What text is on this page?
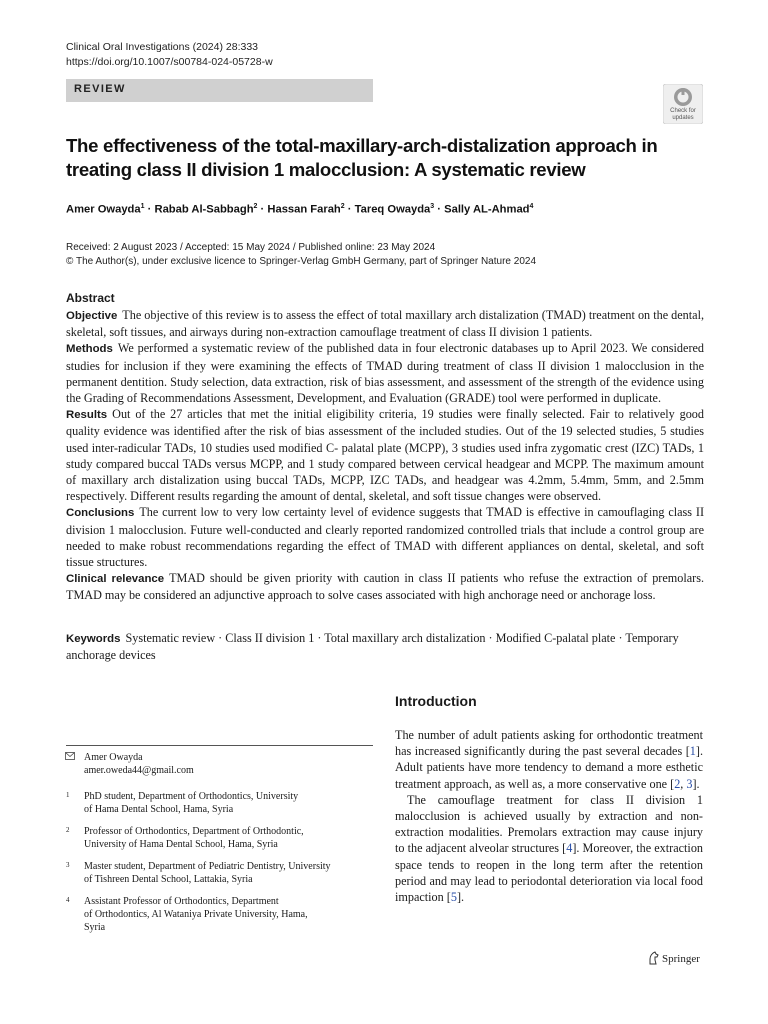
Clinical Oral Investigations (2024) 28:333
https://doi.org/10.1007/s00784-024-05728-w
REVIEW
Check for
updates
The effectiveness of the total-maxillary-arch-distalization approach in treating class II division 1 malocclusion: A systematic review
Amer Owayda$^1$ · Rabab Al-Sabbagh$^2$ · Hassan Farah$^2$ · Tareq Owayda$^3$ · Sally AL-Ahmad$^4$
Received: 2 August 2023 / Accepted: 15 May 2024 / Published online: 23 May 2024
© The Author(s), under exclusive licence to Springer-Verlag GmbH Germany, part of Springer Nature 2024
Abstract

Objective The objective of this review is to assess the effect of total maxillary arch distalization (TMAD) treatment on the dental, skeletal, soft tissues, and airways during non-extraction camouflage treatment of class II division 1 patients.

Methods We performed a systematic review of the published data in four electronic databases up to April 2023. We considered studies for inclusion if they were examining the effects of TMAD during treatment of class II division 1 malocclusion in the permanent dentition. Study selection, data extraction, risk of bias assessment, and assessment of the strength of the evidence using the Grading of Recommendations Assessment, Development, and Evaluation (GRADE) tool were performed in duplicate.

Results Out of the 27 articles that met the initial eligibility criteria, 19 studies were finally selected. Fair to relatively good quality evidence was identified after the risk of bias assessment of the included studies. Out of the 19 selected studies, 5 studies used inter-radicular TADs, 10 studies used modified C- palatal plate (MCPP), 3 studies used infra zygomatic crest (IZC) TADs, 1 study compared buccal TADs versus MCPP, and 1 study compared between cervical headgear and MCPP. The maximum amount of maxillary arch distalization using buccal TADs, MCPP, IZC TADs, and headgear was 4.2mm, 5.4mm, 5mm, and 2.5mm respectively. Different results regarding the amount of dental, skeletal, and soft tissue changes were observed.

Conclusions The current low to very low certainty level of evidence suggests that TMAD is effective in camouflaging class II division 1 malocclusion. Future well-conducted and clearly reported randomized controlled trials that include a control group are needed to make robust recommendations regarding the effect of TMAD with different appliances on dental, skeletal, and soft tissue structures.

Clinical relevance TMAD should be given priority with caution in class II patients who refuse the extraction of premolars. TMAD may be considered an adjunctive approach to solve cases associated with high anchorage need or anchorage loss.

Keywords Systematic review · Class II division 1 · Total maxillary arch distalization · Modified C-palatal plate · Temporary anchorage devices
Introduction

The number of adult patients asking for orthodontic treatment has increased significantly during the past several decades [1]. Adult patients have more tendency to demand a more esthetic treatment approach, as well as, a more conservative one [2, 3].

The camouflage treatment for class II division 1 malocclusion is achieved usually by extraction and non-extraction modalities. Premolars extraction may cause injury to the adjacent alveolar structures [4]. Moreover, the extraction space tends to reopen in the long term after the retention period and may lead to periodontal deterioration via local food impaction [5].

Amer Owayda
amer.oweda44@gmail.com
1 PhD student, Department of Orthodontics, University
of Hama Dental School, Hama, Syria
2 Professor of Orthodontics, Department of Orthodontic,
University of Hama Dental School, Hama, Syria
3 Master student, Department of Pediatric Dentistry, University
of Tishreen Dental School, Lattakia, Syria
4 Assistant Professor of Orthodontics, Department
of Orthodontics, Al Wataniya Private University, Hama,
Syria
Springer
